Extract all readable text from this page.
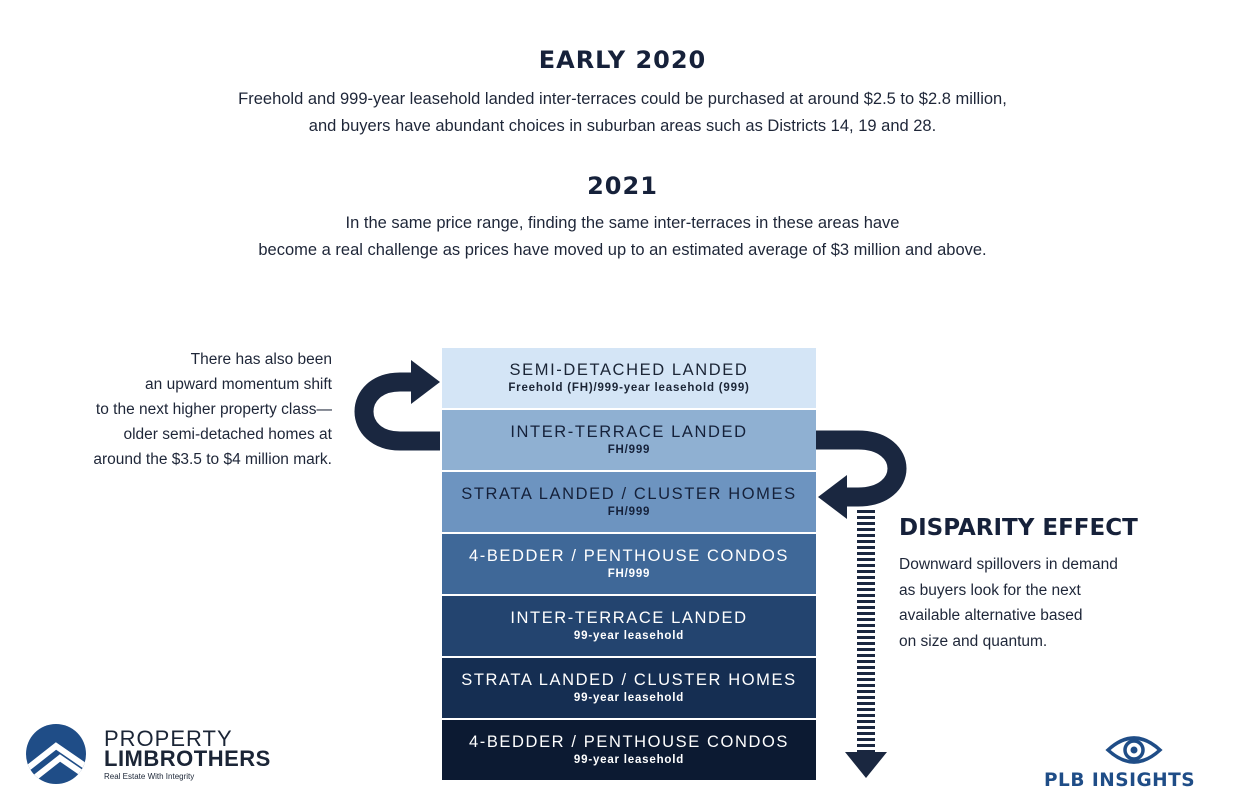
EARLY 2020
Freehold and 999-year leasehold landed inter-terraces could be purchased at around $2.5 to $2.8 million,
and buyers have abundant choices in suburban areas such as Districts 14, 19 and 28.
2021
In the same price range, finding the same inter-terraces in these areas have
become a real challenge as prices have moved up to an estimated average of $3 million and above.
SEMI-DETACHED LANDED
Freehold (FH)/999-year leasehold (999)
INTER-TERRACE LANDED
FH/999
STRATA LANDED / CLUSTER HOMES
FH/999
4-BEDDER / PENTHOUSE CONDOS
FH/999
INTER-TERRACE LANDED
99-year leasehold
STRATA LANDED / CLUSTER HOMES
99-year leasehold
4-BEDDER / PENTHOUSE CONDOS
99-year leasehold
There has also been
an upward momentum shift
to the next higher property class—
older semi-detached homes at
around the $3.5 to $4 million mark.
DISPARITY EFFECT
Downward spillovers in demand
as buyers look for the next
available alternative based
on size and quantum.
PROPERTY
LIMBROTHERS
Real Estate With Integrity	PLB INSIGHTS
